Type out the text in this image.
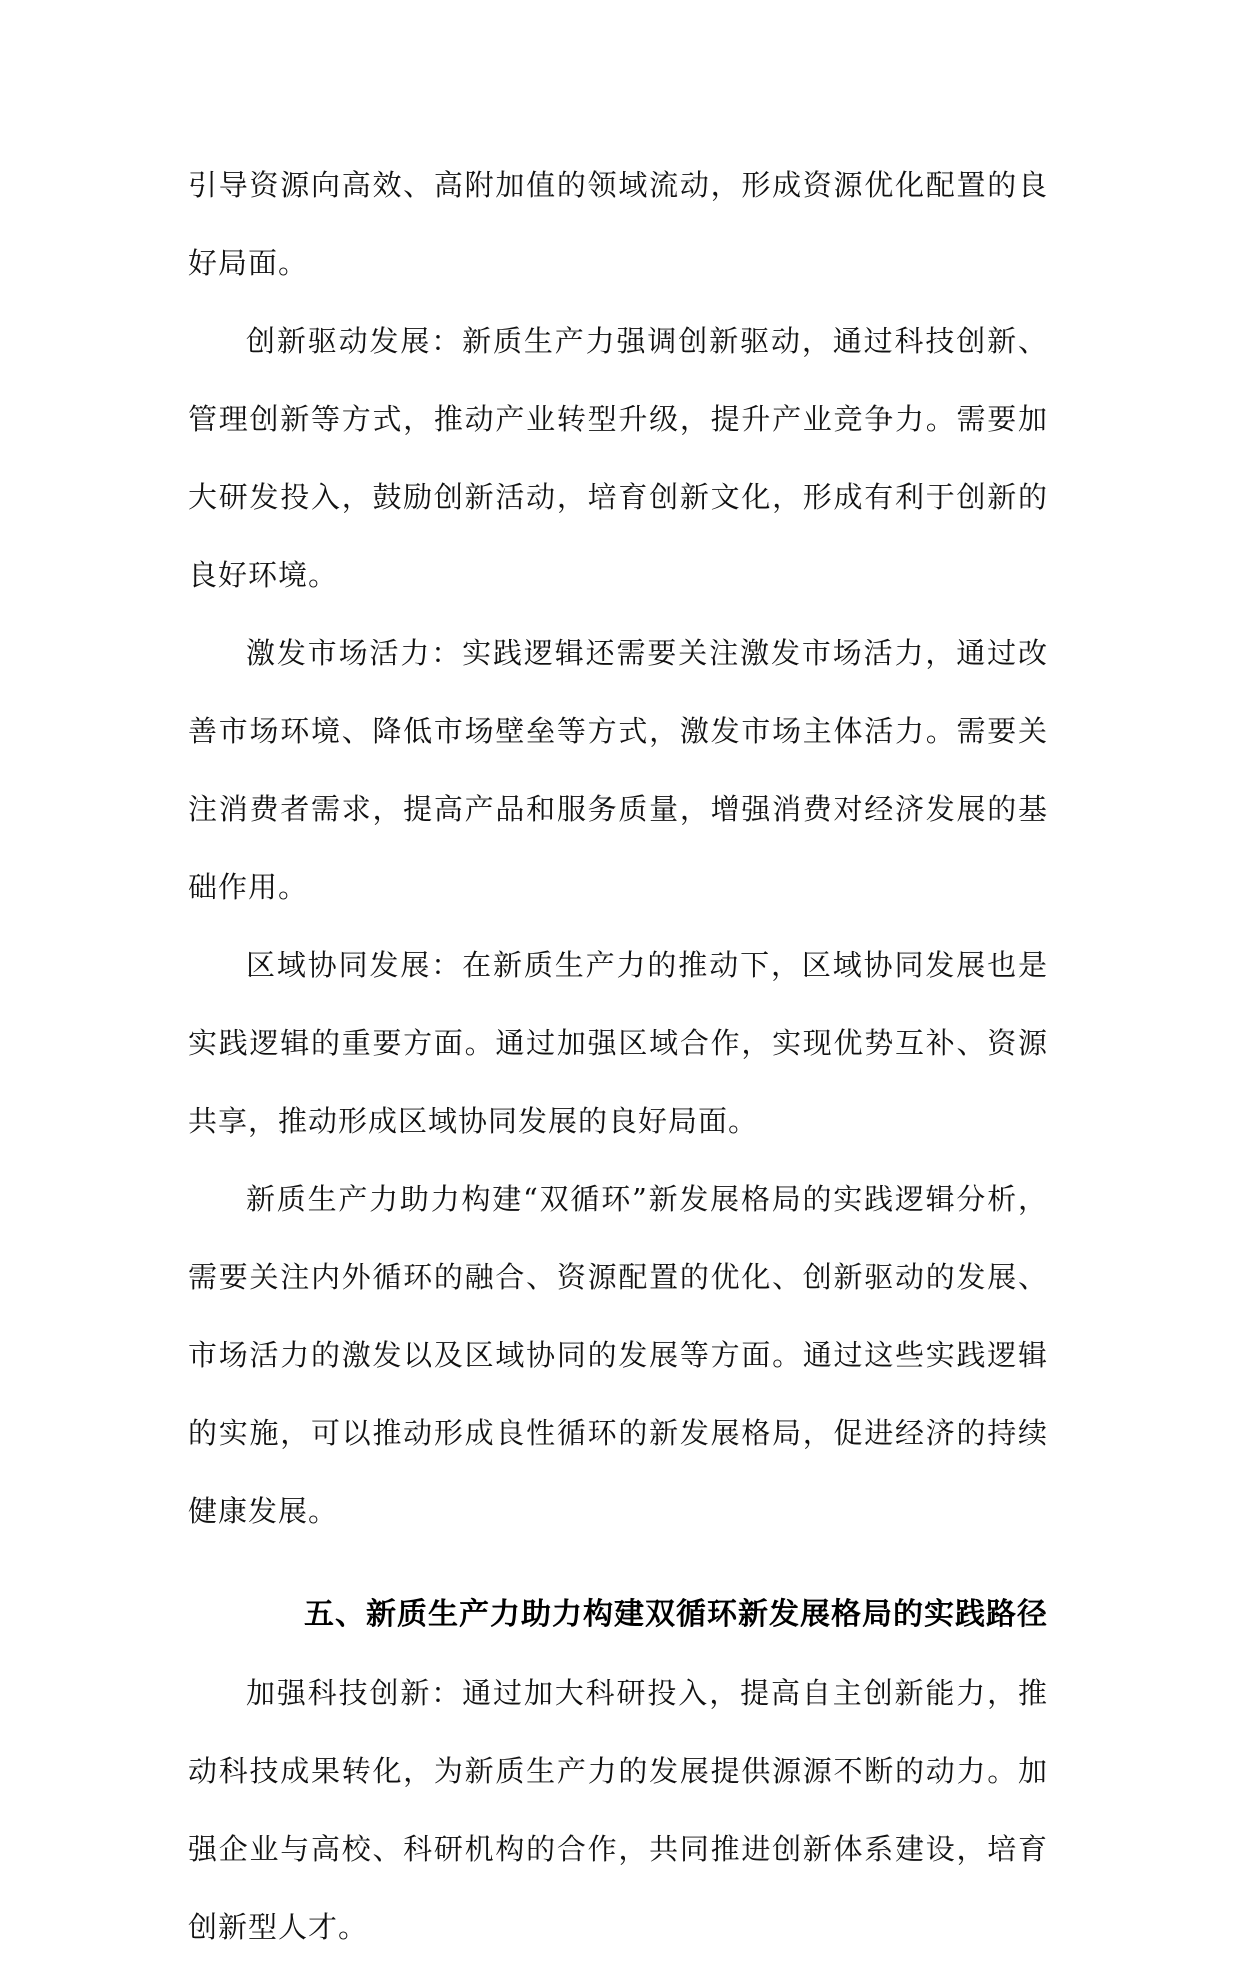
引导资源向高效、高附加值的领域流动，形成资源优化配置的良好局面。

创新驱动发展：新质生产力强调创新驱动，通过科技创新、管理创新等方式，推动产业转型升级，提升产业竞争力。需要加大研发投入，鼓励创新活动，培育创新文化，形成有利于创新的良好环境。

激发市场活力：实践逻辑还需要关注激发市场活力，通过改善市场环境、降低市场壁垒等方式，激发市场主体活力。需要关注消费者需求，提高产品和服务质量，增强消费对经济发展的基础作用。

区域协同发展：在新质生产力的推动下，区域协同发展也是实践逻辑的重要方面。通过加强区域合作，实现优势互补、资源共享，推动形成区域协同发展的良好局面。

新质生产力助力构建“双循环”新发展格局的实践逻辑分析，需要关注内外循环的融合、资源配置的优化、创新驱动的发展、市场活力的激发以及区域协同的发展等方面。通过这些实践逻辑的实施，可以推动形成良性循环的新发展格局，促进经济的持续健康发展。

五、新质生产力助力构建双循环新发展格局的实践路径

加强科技创新：通过加大科研投入，提高自主创新能力，推动科技成果转化，为新质生产力的发展提供源源不断的动力。加强企业与高校、科研机构的合作，共同推进创新体系建设，培育创新型人才。
